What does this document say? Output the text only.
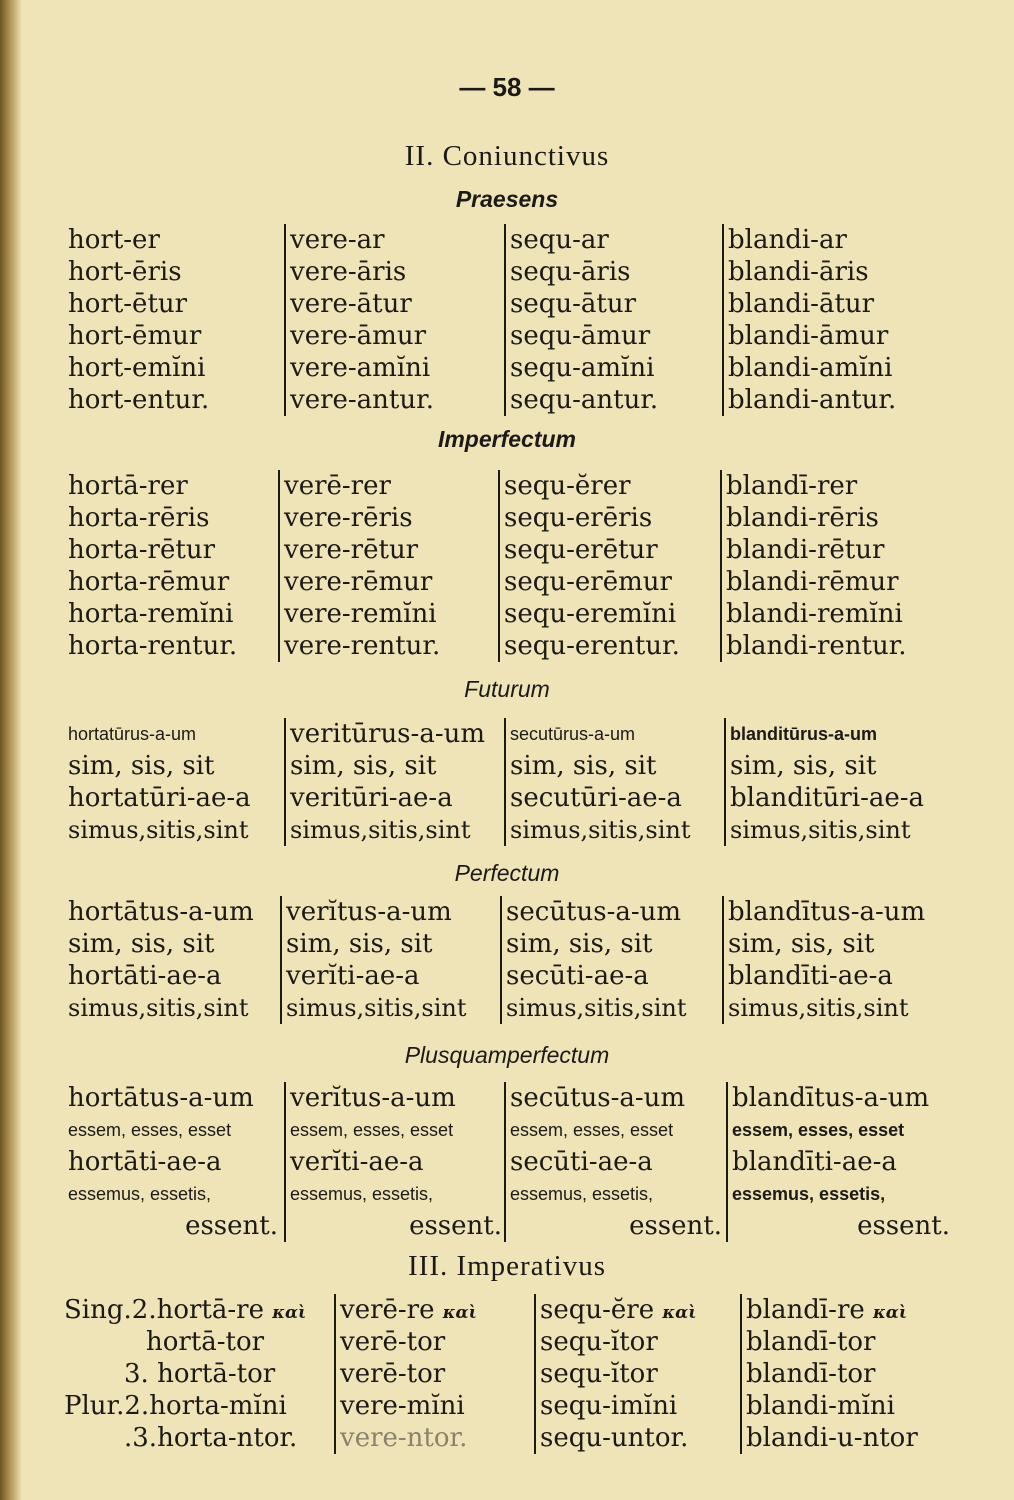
— 58 —
II. Coniunctivus
Praesens
hort-er
hort-ēris
hort-ētur
hort-ēmur
hort-emĭni
hort-entur.
vere-ar
vere-āris
vere-ātur
vere-āmur
vere-amĭni
vere-antur.
sequ-ar
sequ-āris
sequ-ātur
sequ-āmur
sequ-amĭni
sequ-antur.
blandi-ar
blandi-āris
blandi-ātur
blandi-āmur
blandi-amĭni
blandi-antur.
Imperfectum
hortā-rer
horta-rēris
horta-rētur
horta-rēmur
horta-remĭni
horta-rentur.
verē-rer
vere-rēris
vere-rētur
vere-rēmur
vere-remĭni
vere-rentur.
sequ-ĕrer
sequ-erēris
sequ-erētur
sequ-erēmur
sequ-eremĭni
sequ-erentur.
blandī-rer
blandi-rēris
blandi-rētur
blandi-rēmur
blandi-remĭni
blandi-rentur.
Futurum
hortatūrus-a-um
sim, sis, sit
hortatūri-ae-a
simus,sitis,sint
veritūrus-a-um
sim, sis, sit
veritūri-ae-a
simus,sitis,sint
secutūrus-a-um
sim, sis, sit
secutūri-ae-a
simus,sitis,sint
blanditūrus-a-um
sim, sis, sit
blanditūri-ae-a
simus,sitis,sint
Perfectum
hortātus-a-um
sim, sis, sit
hortāti-ae-a
simus,sitis,sint
verĭtus-a-um
sim, sis, sit
verĭti-ae-a
simus,sitis,sint
secūtus-a-um
sim, sis, sit
secūti-ae-a
simus,sitis,sint
blandītus-a-um
sim, sis, sit
blandīti-ae-a
simus,sitis,sint
Plusquamperfectum
hortātus-a-um
essem, esses, esset
hortāti-ae-a
essemus, essetis,
essent.
verĭtus-a-um
essem, esses, esset
verĭti-ae-a
essemus, essetis,
essent.
secūtus-a-um
essem, esses, esset
secūti-ae-a
essemus, essetis,
essent.
blandītus-a-um
essem, esses, esset
blandīti-ae-a
essemus, essetis,
essent.
III. Imperativus
Sing.2.hortā-re καὶ
hortā-tor
3. hortā-tor
Plur.2.horta-mĭni
.3.horta-ntor.
verē-re καὶ
verē-tor
verē-tor
vere-mĭni
vere-ntor.
sequ-ĕre καὶ
sequ-ĭtor
sequ-ĭtor
sequ-imĭni
sequ-untor.
blandī-re καὶ
blandī-tor
blandī-tor
blandi-mĭni
blandi-u-ntor
